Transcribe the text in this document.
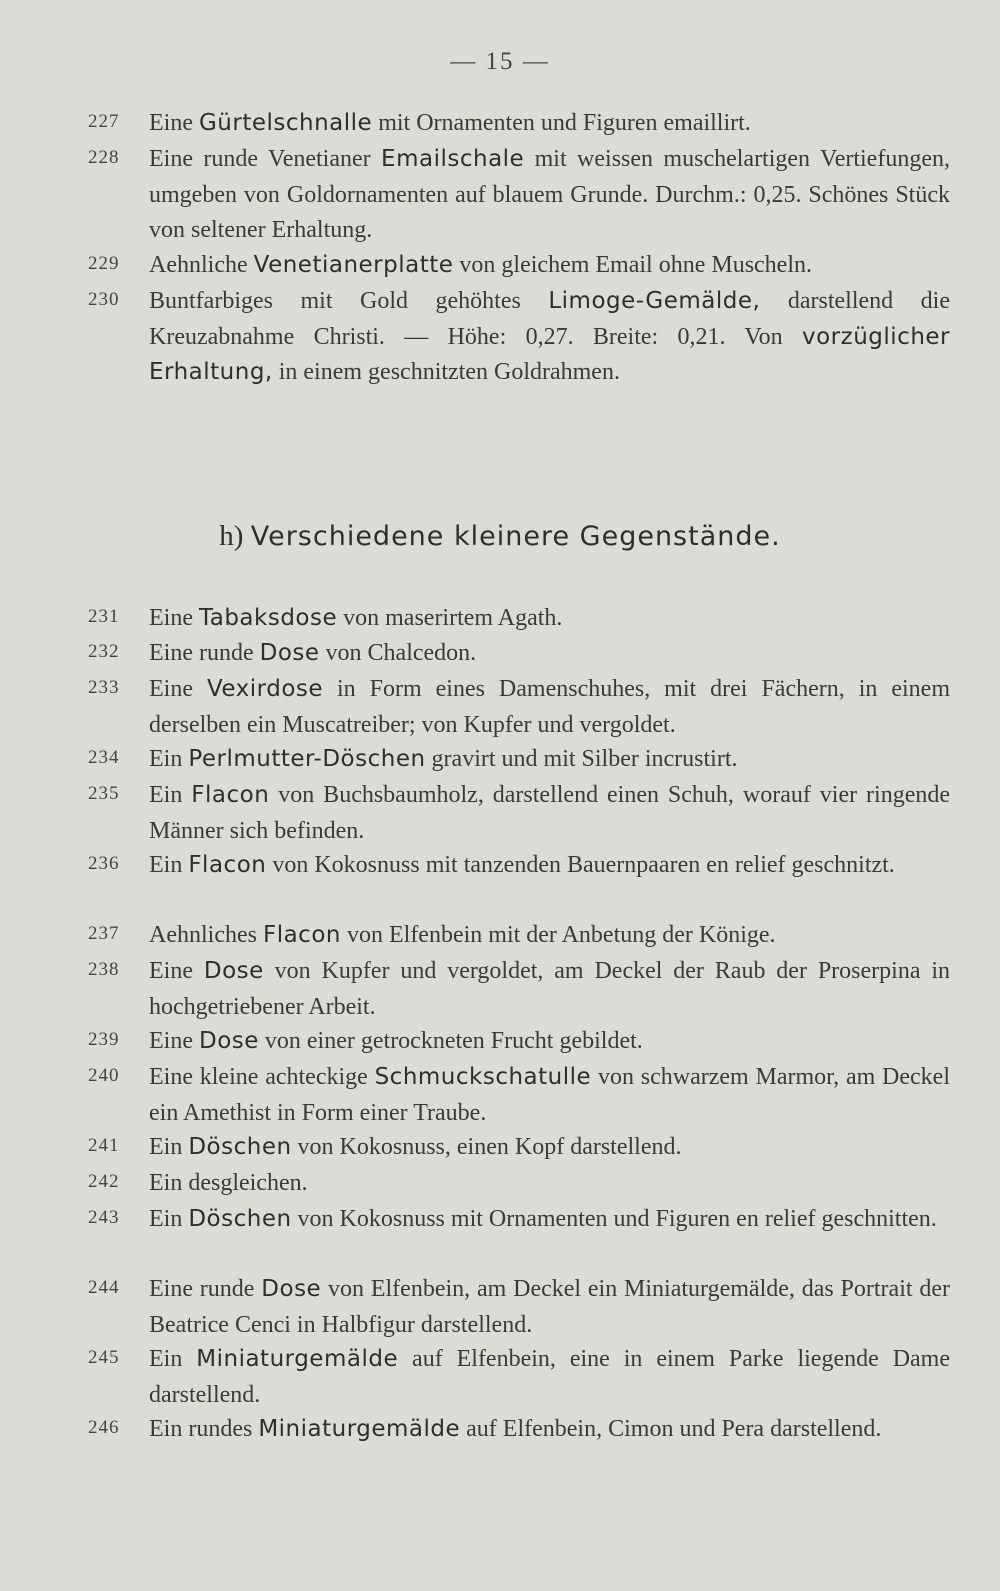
— 15 —
227	Eine Gürtelschnalle mit Ornamenten und Figuren emaillirt.
228	Eine runde Venetianer Emailschale mit weissen muschelartigen Vertiefungen, umgeben von Goldornamenten auf blauem Grunde. Durchm.: 0,25. Schönes Stück von seltener Erhaltung.
229	Aehnliche Venetianerplatte von gleichem Email ohne Muscheln.
230	Buntfarbiges mit Gold gehöhtes Limoge-Gemälde, darstellend die Kreuzabnahme Christi. — Höhe: 0,27. Breite: 0,21. Von vorzüglicher Erhaltung, in einem geschnitzten Goldrahmen.
h) Verschiedene kleinere Gegenstände.
231	Eine Tabaksdose von maserirtem Agath.
232	Eine runde Dose von Chalcedon.
233	Eine Vexirdose in Form eines Damenschuhes, mit drei Fächern, in einem derselben ein Muscatreiber; von Kupfer und vergoldet.
234	Ein Perlmutter-Döschen gravirt und mit Silber incrustirt.
235	Ein Flacon von Buchsbaumholz, darstellend einen Schuh, worauf vier ringende Männer sich befinden.
236	Ein Flacon von Kokosnuss mit tanzenden Bauernpaaren en relief geschnitzt.
237	Aehnliches Flacon von Elfenbein mit der Anbetung der Könige.
238	Eine Dose von Kupfer und vergoldet, am Deckel der Raub der Proserpina in hochgetriebener Arbeit.
239	Eine Dose von einer getrockneten Frucht gebildet.
240	Eine kleine achteckige Schmuckschatulle von schwarzem Marmor, am Deckel ein Amethist in Form einer Traube.
241	Ein Döschen von Kokosnuss, einen Kopf darstellend.
242	Ein desgleichen.
243	Ein Döschen von Kokosnuss mit Ornamenten und Figuren en relief geschnitten.
244	Eine runde Dose von Elfenbein, am Deckel ein Miniaturgemälde, das Portrait der Beatrice Cenci in Halbfigur darstellend.
245	Ein Miniaturgemälde auf Elfenbein, eine in einem Parke liegende Dame darstellend.
246	Ein rundes Miniaturgemälde auf Elfenbein, Cimon und Pera darstellend.
